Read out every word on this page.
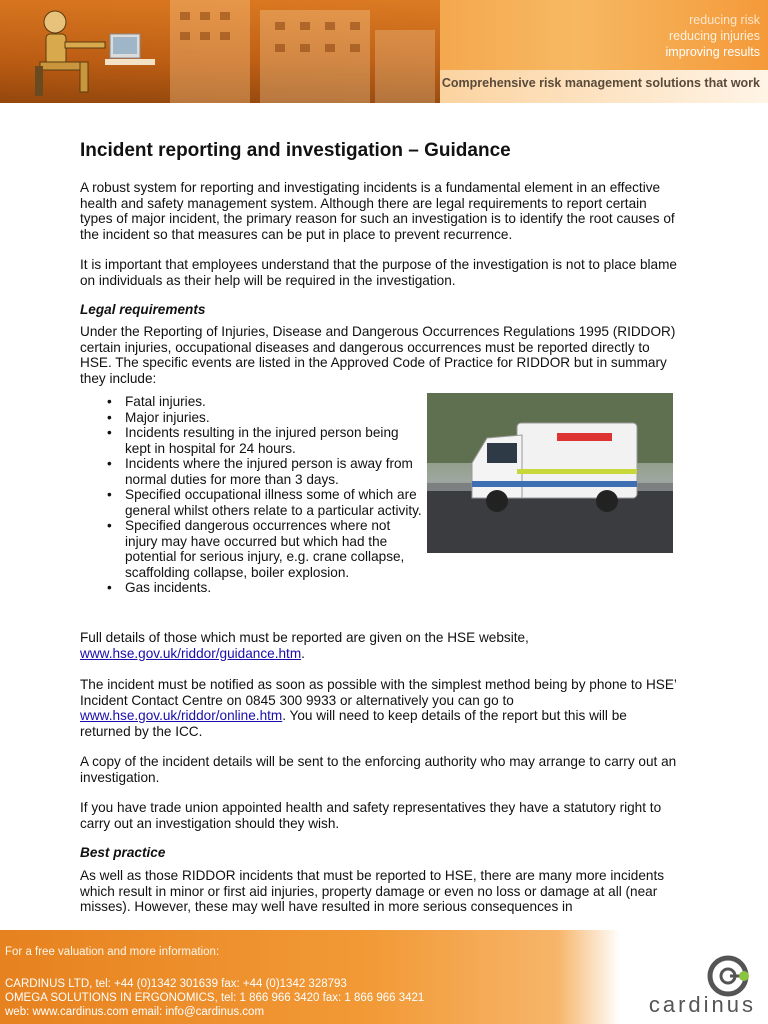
reducing risk
reducing injuries
improving results
Comprehensive risk management solutions that work
Incident reporting and investigation – Guidance

A robust system for reporting and investigating incidents is a fundamental element in an effective health and safety management system. Although there are legal requirements to report certain types of major incident, the primary reason for such an investigation is to identify the root causes of the incident so that measures can be put in place to prevent recurrence.

It is important that employees understand that the purpose of the investigation is not to place blame on individuals as their help will be required in the investigation.

Legal requirements

Under the Reporting of Injuries, Disease and Dangerous Occurrences Regulations 1995 (RIDDOR) certain injuries, occupational diseases and dangerous occurrences must be reported directly to HSE. The specific events are listed in the Approved Code of Practice for RIDDOR but in summary they include:

• Fatal injuries.
• Major injuries.
• Incidents resulting in the injured person being kept in hospital for 24 hours.
• Incidents where the injured person is away from normal duties for more than 3 days.
• Specified occupational illness some of which are general whilst others relate to a particular activity.
• Specified dangerous occurrences where not injury may have occurred but which had the potential for serious injury, e.g. crane collapse, scaffolding collapse, boiler explosion.
• Gas incidents.

Full details of those which must be reported are given on the HSE website, www.hse.gov.uk/riddor/guidance.htm.

The incident must be notified as soon as possible with the simplest method being by phone to HSE’ Incident Contact Centre on 0845 300 9933 or alternatively you can go to www.hse.gov.uk/riddor/online.htm. You will need to keep details of the report but this will be returned by the ICC.

A copy of the incident details will be sent to the enforcing authority who may arrange to carry out an investigation.

If you have trade union appointed health and safety representatives they have a statutory right to carry out an investigation should they wish.

Best practice

As well as those RIDDOR incidents that must be reported to HSE, there are many more incidents which result in minor or first aid injuries, property damage or even no loss or damage at all (near misses). However, these may well have resulted in more serious consequences in

For a free valuation and more information:
CARDINUS LTD, tel: +44 (0)1342 301639 fax: +44 (0)1342 328793
OMEGA SOLUTIONS IN ERGONOMICS, tel: 1 866 966 3420 fax: 1 866 966 3421
web: www.cardinus.com email: info@cardinus.com	cardinus
